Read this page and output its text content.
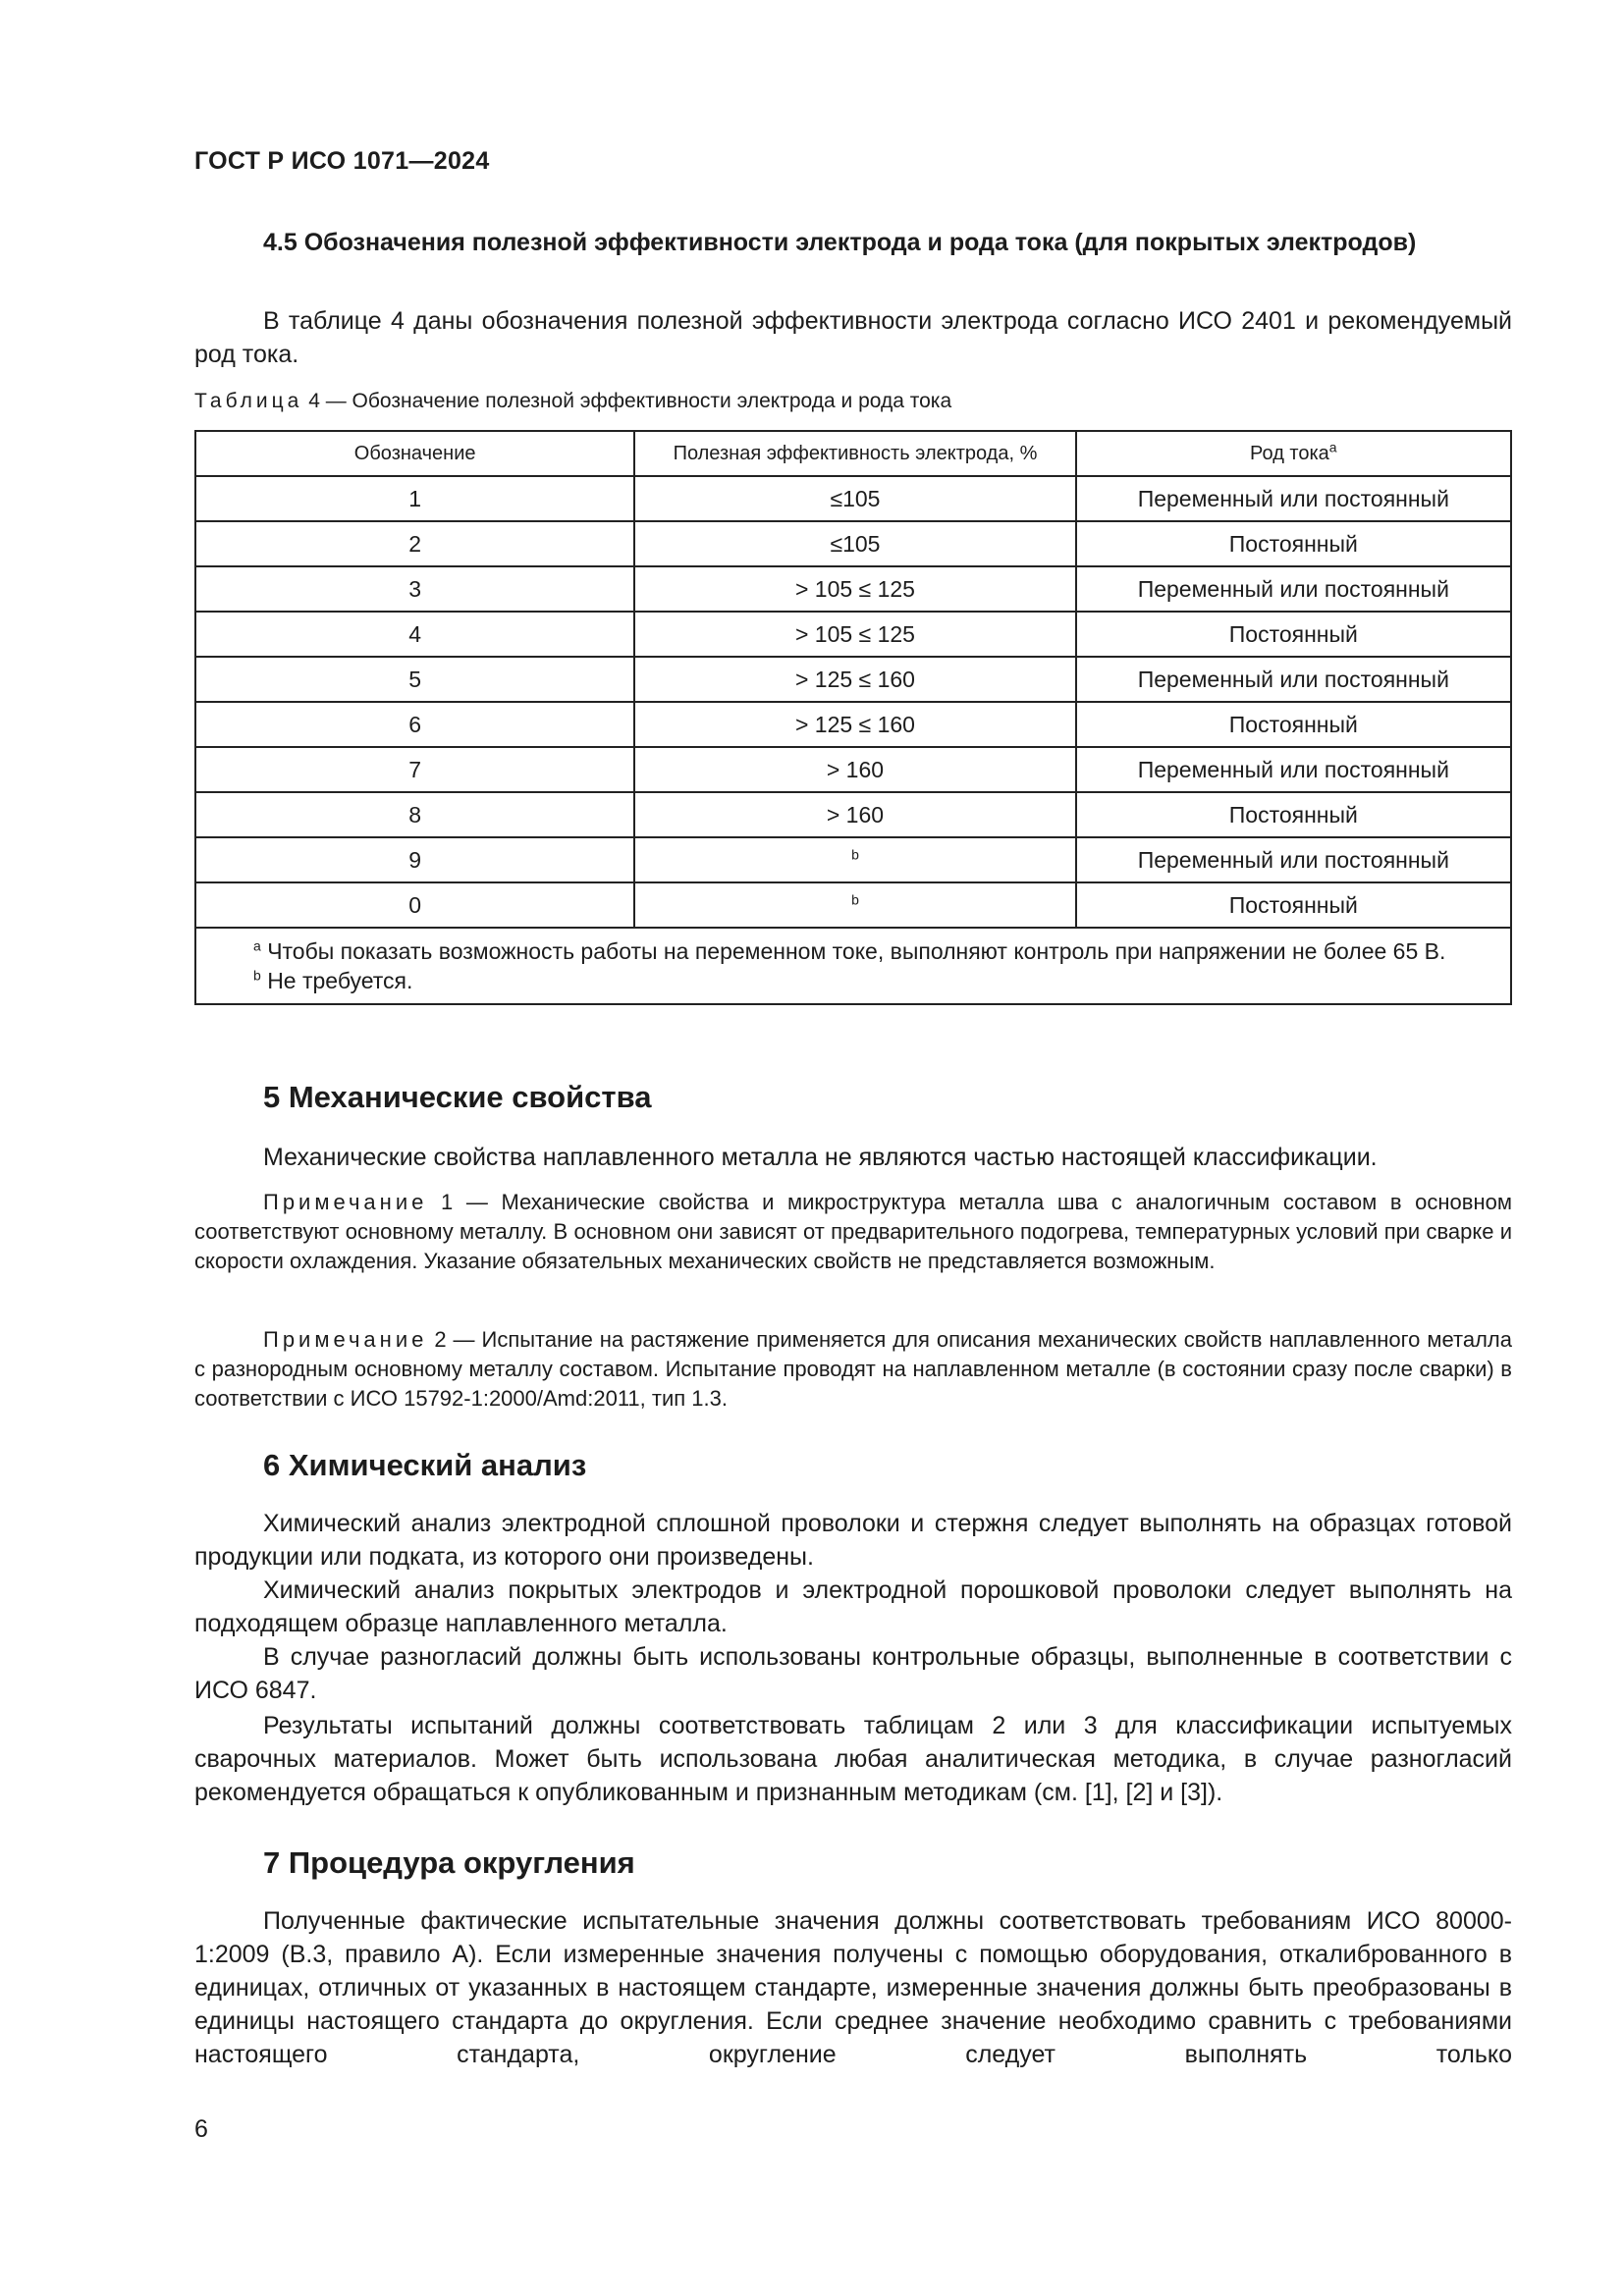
ГОСТ Р ИСО 1071—2024
4.5 Обозначения полезной эффективности электрода и рода тока (для покрытых электродов)
В таблице 4 даны обозначения полезной эффективности электрода согласно ИСО 2401 и рекомендуемый род тока.
Таблица 4 — Обозначение полезной эффективности электрода и рода тока
Обозначение	Полезная эффективность электрода, %	Род тока$^a$
1	≤105	Переменный или постоянный
2	≤105	Постоянный
3	> 105 ≤ 125	Переменный или постоянный
4	> 105 ≤ 125	Постоянный
5	> 125 ≤ 160	Переменный или постоянный
6	> 125 ≤ 160	Постоянный
7	> 160	Переменный или постоянный
8	> 160	Постоянный
9	$^b$	Переменный или постоянный
0	$^b$	Постоянный

$^a$ Чтобы показать возможность работы на переменном токе, выполняют контроль при напряжении не более 65 В.
$^b$ Не требуется.		
5 Механические свойства
Механические свойства наплавленного металла не являются частью настоящей классификации.
Примечание 1 — Механические свойства и микроструктура металла шва с аналогичным составом в основном соответствуют основному металлу. В основном они зависят от предварительного подогрева, температурных условий при сварке и скорости охлаждения. Указание обязательных механических свойств не представляется возможным.
Примечание 2 — Испытание на растяжение применяется для описания механических свойств наплавленного металла с разнородным основному металлу составом. Испытание проводят на наплавленном металле (в состоянии сразу после сварки) в соответствии с ИСО 15792-1:2000/Amd:2011, тип 1.3.
6 Химический анализ
Химический анализ электродной сплошной проволоки и стержня следует выполнять на образцах готовой продукции или подката, из которого они произведены.
Химический анализ покрытых электродов и электродной порошковой проволоки следует выполнять на подходящем образце наплавленного металла.
В случае разногласий должны быть использованы контрольные образцы, выполненные в соответствии с ИСО 6847.
Результаты испытаний должны соответствовать таблицам 2 или 3 для классификации испытуемых сварочных материалов. Может быть использована любая аналитическая методика, в случае разногласий рекомендуется обращаться к опубликованным и признанным методикам (см. [1], [2] и [3]).
7 Процедура округления
Полученные фактические испытательные значения должны соответствовать требованиям ИСО 80000-1:2009 (B.3, правило A). Если измеренные значения получены с помощью оборудования, откалиброванного в единицах, отличных от указанных в настоящем стандарте, измеренные значения должны быть преобразованы в единицы настоящего стандарта до округления. Если среднее значение необходимо сравнить с требованиями настоящего стандарта, округление следует выполнять только
6
